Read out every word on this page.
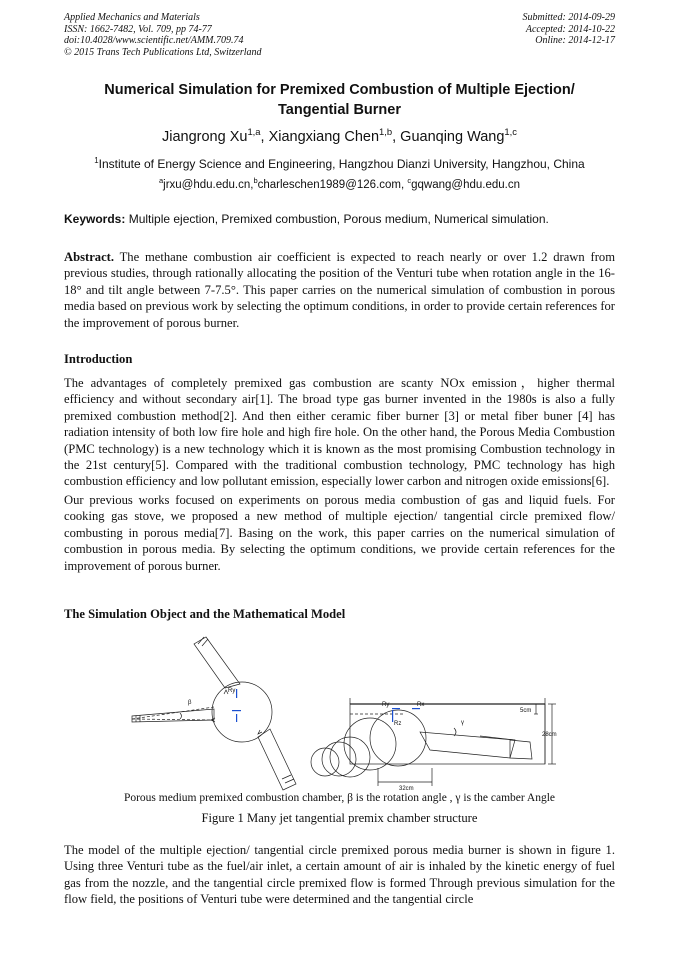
Applied Mechanics and Materials
ISSN: 1662-7482, Vol. 709, pp 74-77
doi:10.4028/www.scientific.net/AMM.709.74
© 2015 Trans Tech Publications Ltd, Switzerland
Submitted: 2014-09-29
Accepted: 2014-10-22
Online: 2014-12-17
Numerical Simulation for Premixed Combustion of Multiple Ejection/
Tangential Burner
Jiangrong Xu$^{1,a}$, Xiangxiang Chen$^{1,b}$, Guanqing Wang$^{1,c}$
$^1$Institute of Energy Science and Engineering, Hangzhou Dianzi University, Hangzhou, China
$^a$jrxu@hdu.edu.cn,$^b$charleschen1989@126.com, $^c$gqwang@hdu.edu.cn
Keywords: Multiple ejection, Premixed combustion, Porous medium, Numerical simulation.
Abstract. The methane combustion air coefficient is expected to reach nearly or over 1.2 drawn from previous studies, through rationally allocating the position of the Venturi tube when rotation angle in the 16-18° and tilt angle between 7-7.5°. This paper carries on the numerical simulation of combustion in porous media based on previous work by selecting the optimum conditions, in order to provide certain references for the improvement of porous burner.
Introduction
The advantages of completely premixed gas combustion are scanty NOx emission，higher thermal efficiency and without secondary air[1]. The broad type gas burner invented in the 1980s is also a fully premixed combustion method[2]. And then either ceramic fiber burner [3] or metal fiber buner [4] has radiation intensity of both low fire hole and high fire hole. On the other hand, the Porous Media Combustion (PMC technology) is a new technology which it is known as the most promising Combustion technology in the 21st century[5]. Compared with the traditional combustion technology, PMC technology has high combustion efficiency and low pollutant emission, especially lower carbon and nitrogen oxide emissions[6].
Our previous works focused on experiments on porous media combustion of gas and liquid fuels. For cooking gas stove, we proposed a new method of multiple ejection/ tangential circle premixed flow/ combusting in porous media[7]. Basing on the work, this paper carries on the numerical simulation of combustion in porous media. By selecting the optimum conditions, we provide certain references for the improvement of porous burner.
The Simulation Object and the Mathematical Model
β
Ry
γ
Ry	Rx
Rz
5cm
28cm
32cm
Porous medium premixed combustion chamber, β is the rotation angle , γ is the camber Angle
Figure 1 Many jet tangential premix chamber structure
The model of the multiple ejection/ tangential circle premixed porous media burner is shown in figure 1. Using three Venturi tube as the fuel/air inlet, a certain amount of air is inhaled by the kinetic energy of fuel gas from the nozzle, and the tangential circle premixed flow is formed Through previous simulation for the flow field, the positions of Venturi tube were determined and the tangential circle
